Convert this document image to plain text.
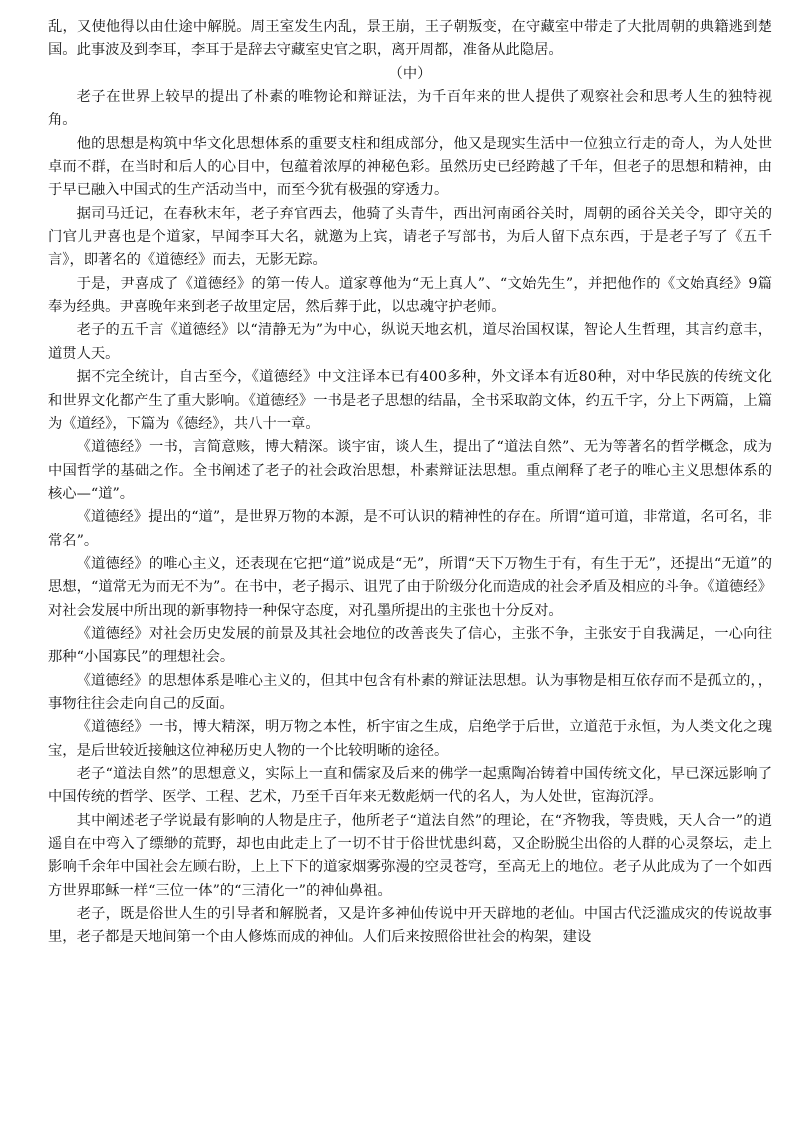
乱，又使他得以由仕途中解脱。周王室发生内乱，景王崩，王子朝叛变，在守藏室中带走了大批周朝的典籍逃到楚国。此事波及到李耳，李耳于是辞去守藏室史官之职，离开周都，准备从此隐居。

（中）

老子在世界上较早的提出了朴素的唯物论和辩证法，为千百年来的世人提供了观察社会和思考人生的独特视角。

他的思想是构筑中华文化思想体系的重要支柱和组成部分，他又是现实生活中一位独立行走的奇人，为人处世卓而不群，在当时和后人的心目中，包蕴着浓厚的神秘色彩。虽然历史已经跨越了千年，但老子的思想和精神，由于早已融入中国式的生产活动当中，而至今犹有极强的穿透力。

据司马迁记，在春秋末年，老子弃官西去，他骑了头青牛，西出河南函谷关时，周朝的函谷关关令，即守关的门官儿尹喜也是个道家，早闻李耳大名，就邀为上宾，请老子写部书，为后人留下点东西，于是老子写了《五千言》，即著名的《道德经》而去，无影无踪。

于是，尹喜成了《道德经》的第一传人。道家尊他为“无上真人”、“文始先生”，并把他作的《文始真经》9篇奉为经典。尹喜晚年来到老子故里定居，然后葬于此，以忠魂守护老师。

老子的五千言《道德经》以“清静无为”为中心，纵说天地玄机，道尽治国权谋，智论人生哲理，其言约意丰，道贯人天。

据不完全统计，自古至今，《道德经》中文注译本已有400多种，外文译本有近80种，对中华民族的传统文化和世界文化都产生了重大影响。《道德经》一书是老子思想的结晶，全书采取韵文体，约五千字，分上下两篇，上篇为《道经》，下篇为《德经》，共八十一章。

《道德经》一书，言简意赅，博大精深。谈宇宙，谈人生，提出了“道法自然”、无为等著名的哲学概念，成为中国哲学的基础之作。全书阐述了老子的社会政治思想，朴素辩证法思想。重点阐释了老子的唯心主义思想体系的核心—“道”。

《道德经》提出的“道”，是世界万物的本源，是不可认识的精神性的存在。所谓“道可道，非常道，名可名，非常名”。

《道德经》的唯心主义，还表现在它把“道”说成是“无”，所谓“天下万物生于有，有生于无”，还提出“无道”的思想，“道常无为而无不为”。在书中，老子揭示、诅咒了由于阶级分化而造成的社会矛盾及相应的斗争。《道德经》对社会发展中所出现的新事物持一种保守态度，对孔墨所提出的主张也十分反对。

《道德经》对社会历史发展的前景及其社会地位的改善丧失了信心，主张不争，主张安于自我满足，一心向往那种“小国寡民”的理想社会。

《道德经》的思想体系是唯心主义的，但其中包含有朴素的辩证法思想。认为事物是相互依存而不是孤立的，，事物往往会走向自己的反面。

《道德经》一书，博大精深，明万物之本性，析宇宙之生成，启绝学于后世，立道范于永恒，为人类文化之瑰宝，是后世较近接触这位神秘历史人物的一个比较明晰的途径。

老子“道法自然”的思想意义，实际上一直和儒家及后来的佛学一起熏陶冶铸着中国传统文化，早已深远影响了中国传统的哲学、医学、工程、艺术，乃至千百年来无数彪炳一代的名人，为人处世，宦海沉浮。

其中阐述老子学说最有影响的人物是庄子，他所老子“道法自然”的理论，在“齐物我，等贵贱，天人合一”的逍遥自在中弯入了缥缈的荒野，却也由此走上了一切不甘于俗世忧患纠葛，又企盼脱尘出俗的人群的心灵祭坛，走上影响千余年中国社会左顾右盼，上上下下的道家烟雾弥漫的空灵苍穹，至高无上的地位。老子从此成为了一个如西方世界耶稣一样“三位一体”的“三清化一”的神仙鼻祖。

老子，既是俗世人生的引导者和解脱者，又是许多神仙传说中开天辟地的老仙。中国古代泛滥成灾的传说故事里，老子都是天地间第一个由人修炼而成的神仙。人们后来按照俗世社会的构架，建设
